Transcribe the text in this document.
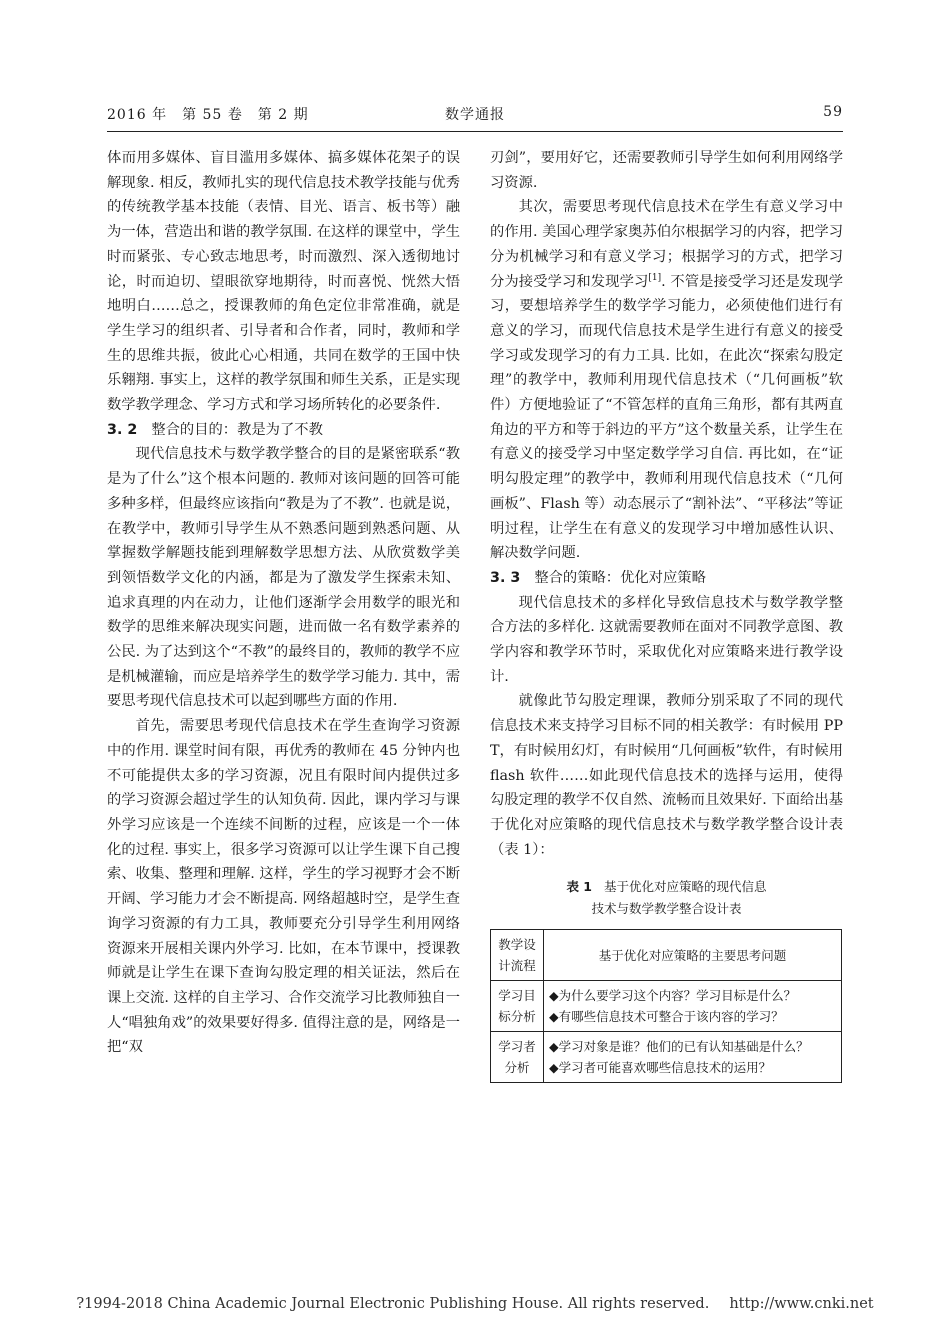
2016 年　第 55 卷　第 2 期	数学通报	59

体而用多媒体、盲目滥用多媒体、搞多媒体花架子的误解现象. 相反，教师扎实的现代信息技术教学技能与优秀的传统教学基本技能（表情、目光、语言、板书等）融为一体，营造出和谐的教学氛围. 在这样的课堂中，学生时而紧张、专心致志地思考，时而激烈、深入透彻地讨论，时而迫切、望眼欲穿地期待，时而喜悦、恍然大悟地明白……总之，授课教师的角色定位非常准确，就是学生学习的组织者、引导者和合作者，同时，教师和学生的思维共振，彼此心心相通，共同在数学的王国中快乐翱翔. 事实上，这样的教学氛围和师生关系，正是实现数学教学理念、学习方式和学习场所转化的必要条件.

3. 2 整合的目的：教是为了不教

现代信息技术与数学教学整合的目的是紧密联系“教是为了什么”这个根本问题的. 教师对该问题的回答可能多种多样，但最终应该指向“教是为了不教”. 也就是说，在教学中，教师引导学生从不熟悉问题到熟悉问题、从掌握数学解题技能到理解数学思想方法、从欣赏数学美到领悟数学文化的内涵，都是为了激发学生探索未知、追求真理的内在动力，让他们逐渐学会用数学的眼光和数学的思维来解决现实问题，进而做一名有数学素养的公民. 为了达到这个“不教”的最终目的，教师的教学不应是机械灌输，而应是培养学生的数学学习能力. 其中，需要思考现代信息技术可以起到哪些方面的作用.

首先，需要思考现代信息技术在学生查询学习资源中的作用. 课堂时间有限，再优秀的教师在 45 分钟内也不可能提供太多的学习资源，况且有限时间内提供过多的学习资源会超过学生的认知负荷. 因此，课内学习与课外学习应该是一个连续不间断的过程，应该是一个一体化的过程. 事实上，很多学习资源可以让学生课下自己搜索、收集、整理和理解. 这样，学生的学习视野才会不断开阔、学习能力才会不断提高. 网络超越时空，是学生查询学习资源的有力工具，教师要充分引导学生利用网络资源来开展相关课内外学习. 比如，在本节课中，授课教师就是让学生在课下查询勾股定理的相关证法，然后在课上交流. 这样的自主学习、合作交流学习比教师独自一人“唱独角戏”的效果要好得多. 值得注意的是，网络是一把“双

刃剑”，要用好它，还需要教师引导学生如何利用网络学习资源.

其次，需要思考现代信息技术在学生有意义学习中的作用. 美国心理学家奥苏伯尔根据学习的内容，把学习分为机械学习和有意义学习；根据学习的方式，把学习分为接受学习和发现学习[1]. 不管是接受学习还是发现学习，要想培养学生的数学学习能力，必须使他们进行有意义的学习，而现代信息技术是学生进行有意义的接受学习或发现学习的有力工具. 比如，在此次“探索勾股定理”的教学中，教师利用现代信息技术（“几何画板”软件）方便地验证了“不管怎样的直角三角形，都有其两直角边的平方和等于斜边的平方”这个数量关系，让学生在有意义的接受学习中坚定数学学习自信. 再比如，在“证明勾股定理”的教学中，教师利用现代信息技术（“几何画板”、Flash 等）动态展示了“割补法”、“平移法”等证明过程，让学生在有意义的发现学习中增加感性认识、解决数学问题.

3. 3 整合的策略：优化对应策略

现代信息技术的多样化导致信息技术与数学教学整合方法的多样化. 这就需要教师在面对不同教学意图、教学内容和教学环节时，采取优化对应策略来进行教学设计.

就像此节勾股定理课，教师分别采取了不同的现代信息技术来支持学习目标不同的相关教学：有时候用 PPT，有时候用幻灯，有时候用“几何画板”软件，有时候用 flash 软件……如此现代信息技术的选择与运用，使得勾股定理的教学不仅自然、流畅而且效果好. 下面给出基于优化对应策略的现代信息技术与数学教学整合设计表（表 1）：

表 1 基于优化对应策略的现代信息
技术与数学教学整合设计表
教学设计流程	基于优化对应策略的主要思考问题
学习目标分析	◆为什么要学习这个内容？学习目标是什么？
◆有哪些信息技术可整合于该内容的学习？

学习者分析	◆学习对象是谁？他们的已有认知基础是什么？
◆学习者可能喜欢哪些信息技术的运用？
?1994-2018 China Academic Journal Electronic Publishing House. All rights reserved. http://www.cnki.net
